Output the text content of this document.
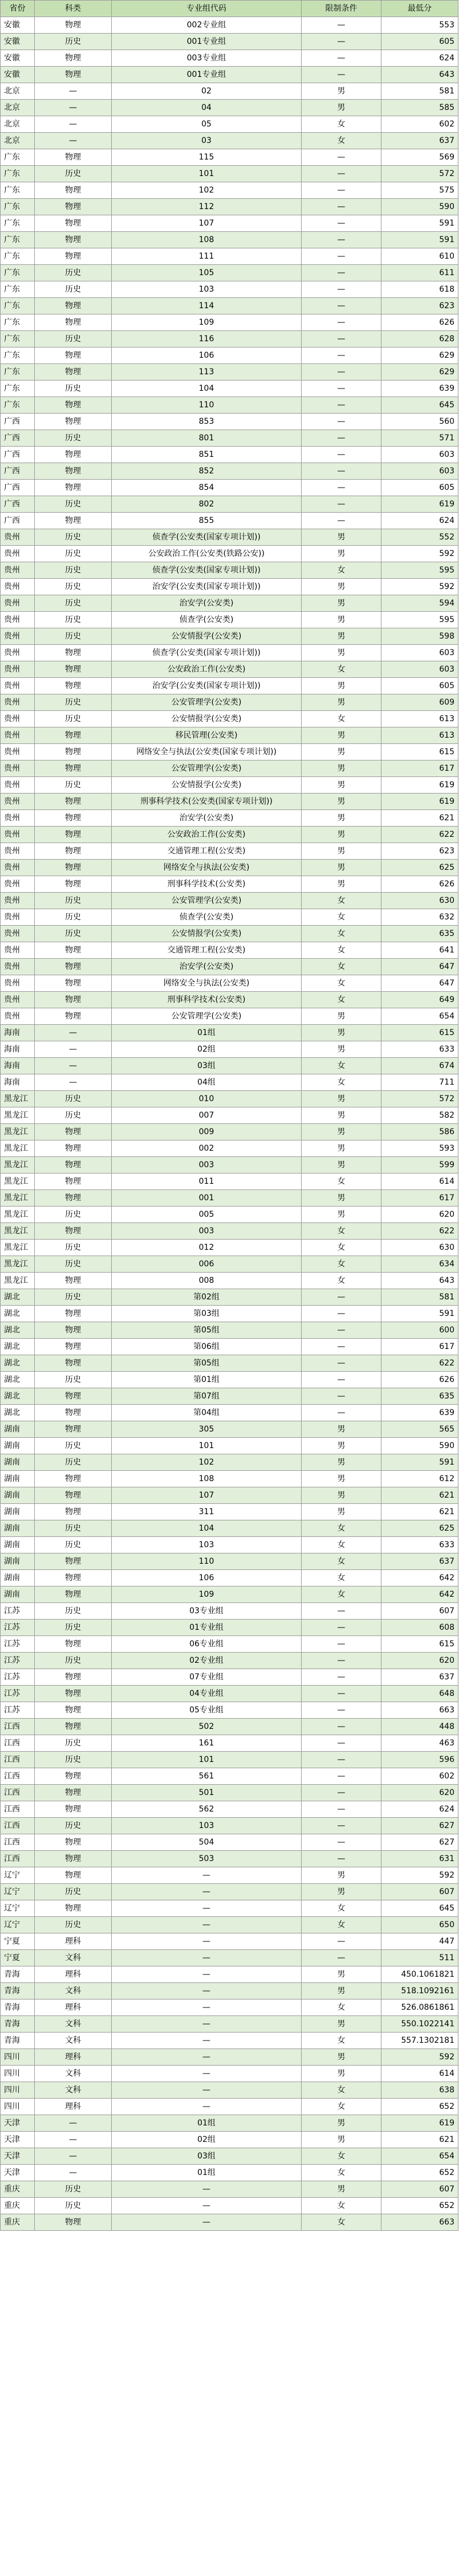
省份	科类	专业组代码	限制条件	最低分
安徽	物理	002专业组	—	553
安徽	历史	001专业组	—	605
安徽	物理	003专业组	—	624
安徽	物理	001专业组	—	643
北京	—	02	男	581
北京	—	04	男	585
北京	—	05	女	602
北京	—	03	女	637
广东	物理	115	—	569
广东	历史	101	—	572
广东	物理	102	—	575
广东	物理	112	—	590
广东	物理	107	—	591
广东	物理	108	—	591
广东	物理	111	—	610
广东	历史	105	—	611
广东	历史	103	—	618
广东	物理	114	—	623
广东	物理	109	—	626
广东	历史	116	—	628
广东	物理	106	—	629
广东	物理	113	—	629
广东	历史	104	—	639
广东	物理	110	—	645
广西	物理	853	—	560
广西	历史	801	—	571
广西	物理	851	—	603
广西	物理	852	—	603
广西	物理	854	—	605
广西	历史	802	—	619
广西	物理	855	—	624
贵州	历史	侦查学(公安类(国家专项计划))	男	552
贵州	历史	公安政治工作(公安类(铁路公安))	男	592
贵州	历史	侦查学(公安类(国家专项计划))	女	595
贵州	历史	治安学(公安类(国家专项计划))	男	592
贵州	历史	治安学(公安类)	男	594
贵州	历史	侦查学(公安类)	男	595
贵州	历史	公安情报学(公安类)	男	598
贵州	物理	侦查学(公安类(国家专项计划))	男	603
贵州	物理	公安政治工作(公安类)	女	603
贵州	物理	治安学(公安类(国家专项计划))	男	605
贵州	历史	公安管理学(公安类)	男	609
贵州	历史	公安情报学(公安类)	女	613
贵州	物理	移民管理(公安类)	男	613
贵州	物理	网络安全与执法(公安类(国家专项计划))	男	615
贵州	物理	公安管理学(公安类)	男	617
贵州	历史	公安情报学(公安类)	男	619
贵州	物理	刑事科学技术(公安类(国家专项计划))	男	619
贵州	物理	治安学(公安类)	男	621
贵州	物理	公安政治工作(公安类)	男	622
贵州	物理	交通管理工程(公安类)	男	623
贵州	物理	网络安全与执法(公安类)	男	625
贵州	物理	刑事科学技术(公安类)	男	626
贵州	历史	公安管理学(公安类)	女	630
贵州	历史	侦查学(公安类)	女	632
贵州	历史	公安情报学(公安类)	女	635
贵州	物理	交通管理工程(公安类)	女	641
贵州	物理	治安学(公安类)	女	647
贵州	物理	网络安全与执法(公安类)	女	647
贵州	物理	刑事科学技术(公安类)	女	649
贵州	物理	公安管理学(公安类)	男	654
海南	—	01组	男	615
海南	—	02组	男	633
海南	—	03组	女	674
海南	—	04组	女	711
黑龙江	历史	010	男	572
黑龙江	历史	007	男	582
黑龙江	物理	009	男	586
黑龙江	物理	002	男	593
黑龙江	物理	003	男	599
黑龙江	物理	011	女	614
黑龙江	物理	001	男	617
黑龙江	历史	005	男	620
黑龙江	物理	003	女	622
黑龙江	历史	012	女	630
黑龙江	历史	006	女	634
黑龙江	物理	008	女	643
湖北	历史	第02组	—	581
湖北	物理	第03组	—	591
湖北	物理	第05组	—	600
湖北	物理	第06组	—	617
湖北	物理	第05组	—	622
湖北	历史	第01组	—	626
湖北	物理	第07组	—	635
湖北	物理	第04组	—	639
湖南	物理	305	男	565
湖南	历史	101	男	590
湖南	历史	102	男	591
湖南	物理	108	男	612
湖南	物理	107	男	621
湖南	物理	311	男	621
湖南	历史	104	女	625
湖南	历史	103	女	633
湖南	物理	110	女	637
湖南	物理	106	女	642
湖南	物理	109	女	642
江苏	历史	03专业组	—	607
江苏	历史	01专业组	—	608
江苏	物理	06专业组	—	615
江苏	历史	02专业组	—	620
江苏	物理	07专业组	—	637
江苏	物理	04专业组	—	648
江苏	物理	05专业组	—	663
江西	物理	502	—	448
江西	历史	161	—	463
江西	历史	101	—	596
江西	物理	561	—	602
江西	物理	501	—	620
江西	物理	562	—	624
江西	历史	103	—	627
江西	物理	504	—	627
江西	物理	503	—	631
辽宁	物理	—	男	592
辽宁	历史	—	男	607
辽宁	物理	—	女	645
辽宁	历史	—	女	650
宁夏	理科	—	—	447
宁夏	文科	—	—	511
青海	理科	—	男	450.1061821
青海	文科	—	男	518.1092161
青海	理科	—	女	526.0861861
青海	文科	—	男	550.1022141
青海	文科	—	女	557.1302181
四川	理科	—	男	592
四川	文科	—	男	614
四川	文科	—	女	638
四川	理科	—	女	652
天津	—	01组	男	619
天津	—	02组	男	621
天津	—	03组	女	654
天津	—	01组	女	652
重庆	历史	—	男	607
重庆	历史	—	女	652
重庆	物理	—	女	663
